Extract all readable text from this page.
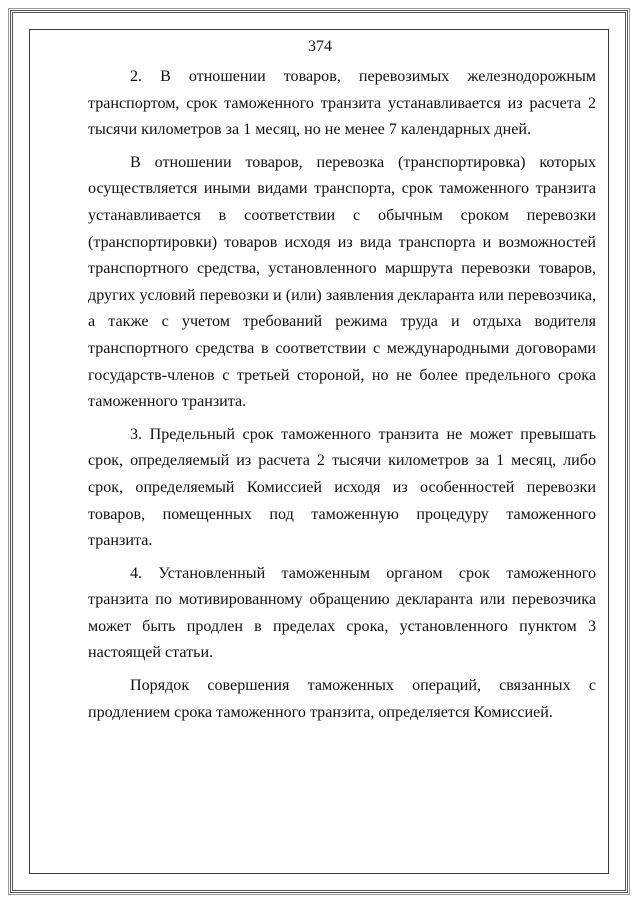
374

2. В отношении товаров, перевозимых железнодорожным транспортом, срок таможенного транзита устанавливается из расчета 2 тысячи километров за 1 месяц, но не менее 7 календарных дней.

В отношении товаров, перевозка (транспортировка) которых осуществляется иными видами транспорта, срок таможенного транзита устанавливается в соответствии с обычным сроком перевозки (транспортировки) товаров исходя из вида транспорта и возможностей транспортного средства, установленного маршрута перевозки товаров, других условий перевозки и (или) заявления декларанта или перевозчика, а также с учетом требований режима труда и отдыха водителя транспортного средства в соответствии с международными договорами государств-членов с третьей стороной, но не более предельного срока таможенного транзита.

3. Предельный срок таможенного транзита не может превышать срок, определяемый из расчета 2 тысячи километров за 1 месяц, либо срок, определяемый Комиссией исходя из особенностей перевозки товаров, помещенных под таможенную процедуру таможенного транзита.

4. Установленный таможенным органом срок таможенного транзита по мотивированному обращению декларанта или перевозчика может быть продлен в пределах срока, установленного пунктом 3 настоящей статьи.

Порядок совершения таможенных операций, связанных с продлением срока таможенного транзита, определяется Комиссией.
